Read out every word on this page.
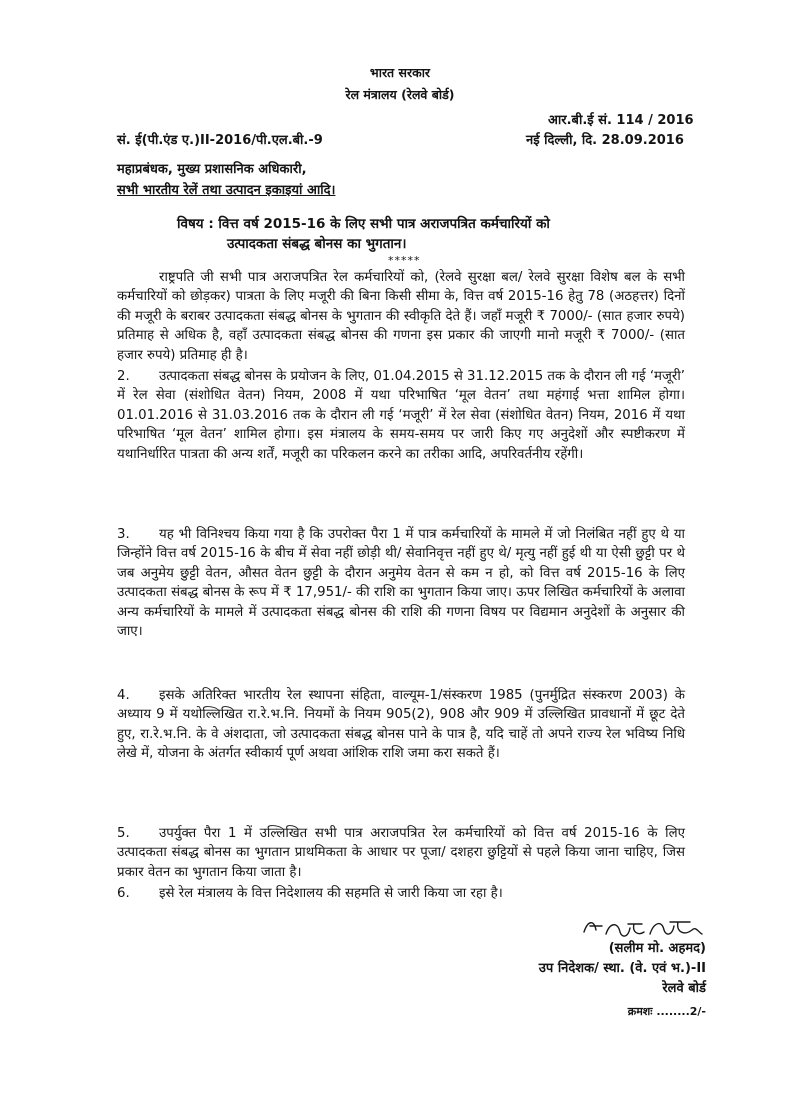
भारत सरकार
रेल मंत्रालय (रेलवे बोर्ड)
आर.बी.ई सं. 114 / 2016
सं. ई(पी.एंड ए.)II-2016/पी.एल.बी.-9	नई दिल्ली, दि. 28.09.2016
महाप्रबंधक, मुख्य प्रशासनिक अधिकारी,
सभी भारतीय रेलें तथा उत्पादन इकाइयां आदि।
विषय : वित्त वर्ष 2015-16 के लिए सभी पात्र अराजपत्रित कर्मचारियों को
उत्पादकता संबद्ध बोनस का भुगतान।
*****
राष्ट्रपति जी सभी पात्र अराजपत्रित रेल कर्मचारियों को, (रेलवे सुरक्षा बल/ रेलवे सुरक्षा विशेष बल के सभी कर्मचारियों को छोड़कर) पात्रता के लिए मजूरी की बिना किसी सीमा के, वित्त वर्ष 2015-16 हेतु 78 (अठहत्तर) दिनों की मजूरी के बराबर उत्पादकता संबद्ध बोनस के भुगतान की स्वीकृति देते हैं। जहाँ मजूरी ₹ 7000/- (सात हजार रुपये) प्रतिमाह से अधिक है, वहाँ उत्पादकता संबद्ध बोनस की गणना इस प्रकार की जाएगी मानो मजूरी ₹ 7000/- (सात हजार रुपये) प्रतिमाह ही है।
2. उत्पादकता संबद्ध बोनस के प्रयोजन के लिए, 01.04.2015 से 31.12.2015 तक के दौरान ली गई ‘मजूरी’ में रेल सेवा (संशोधित वेतन) नियम, 2008 में यथा परिभाषित ‘मूल वेतन’ तथा महंगाई भत्ता शामिल होगा। 01.01.2016 से 31.03.2016 तक के दौरान ली गई ‘मजूरी’ में रेल सेवा (संशोधित वेतन) नियम, 2016 में यथा परिभाषित ‘मूल वेतन’ शामिल होगा। इस मंत्रालय के समय-समय पर जारी किए गए अनुदेशों और स्पष्टीकरण में यथानिर्धारित पात्रता की अन्य शर्तें, मजूरी का परिकलन करने का तरीका आदि, अपरिवर्तनीय रहेंगी।
3. यह भी विनिश्चय किया गया है कि उपरोक्त पैरा 1 में पात्र कर्मचारियों के मामले में जो निलंबित नहीं हुए थे या जिन्होंने वित्त वर्ष 2015-16 के बीच में सेवा नहीं छोड़ी थी/ सेवानिवृत्त नहीं हुए थे/ मृत्यु नहीं हुई थी या ऐसी छुट्टी पर थे जब अनुमेय छुट्टी वेतन, औसत वेतन छुट्टी के दौरान अनुमेय वेतन से कम न हो, को वित्त वर्ष 2015-16 के लिए उत्पादकता संबद्ध बोनस के रूप में ₹ 17,951/- की राशि का भुगतान किया जाए। ऊपर लिखित कर्मचारियों के अलावा अन्य कर्मचारियों के मामले में उत्पादकता संबद्ध बोनस की राशि की गणना विषय पर विद्यमान अनुदेशों के अनुसार की जाए।
4. इसके अतिरिक्त भारतीय रेल स्थापना संहिता, वाल्यूम-1/संस्करण 1985 (पुनर्मुद्रित संस्करण 2003) के अध्याय 9 में यथोल्लिखित रा.रे.भ.नि. नियमों के नियम 905(2), 908 और 909 में उल्लिखित प्रावधानों में छूट देते हुए, रा.रे.भ.नि. के वे अंशदाता, जो उत्पादकता संबद्ध बोनस पाने के पात्र है, यदि चाहें तो अपने राज्य रेल भविष्य निधि लेखे में, योजना के अंतर्गत स्वीकार्य पूर्ण अथवा आंशिक राशि जमा करा सकते हैं।
5. उपर्युक्त पैरा 1 में उल्लिखित सभी पात्र अराजपत्रित रेल कर्मचारियों को वित्त वर्ष 2015-16 के लिए उत्पादकता संबद्ध बोनस का भुगतान प्राथमिकता के आधार पर पूजा/ दशहरा छुट्टियों से पहले किया जाना चाहिए, जिस प्रकार वेतन का भुगतान किया जाता है।
6. इसे रेल मंत्रालय के वित्त निदेशालय की सहमति से जारी किया जा रहा है।
(सलीम मो. अहमद)
उप निदेशक/ स्था. (वे. एवं भ.)-II
रेलवे बोर्ड
क्रमशः ........2/-
